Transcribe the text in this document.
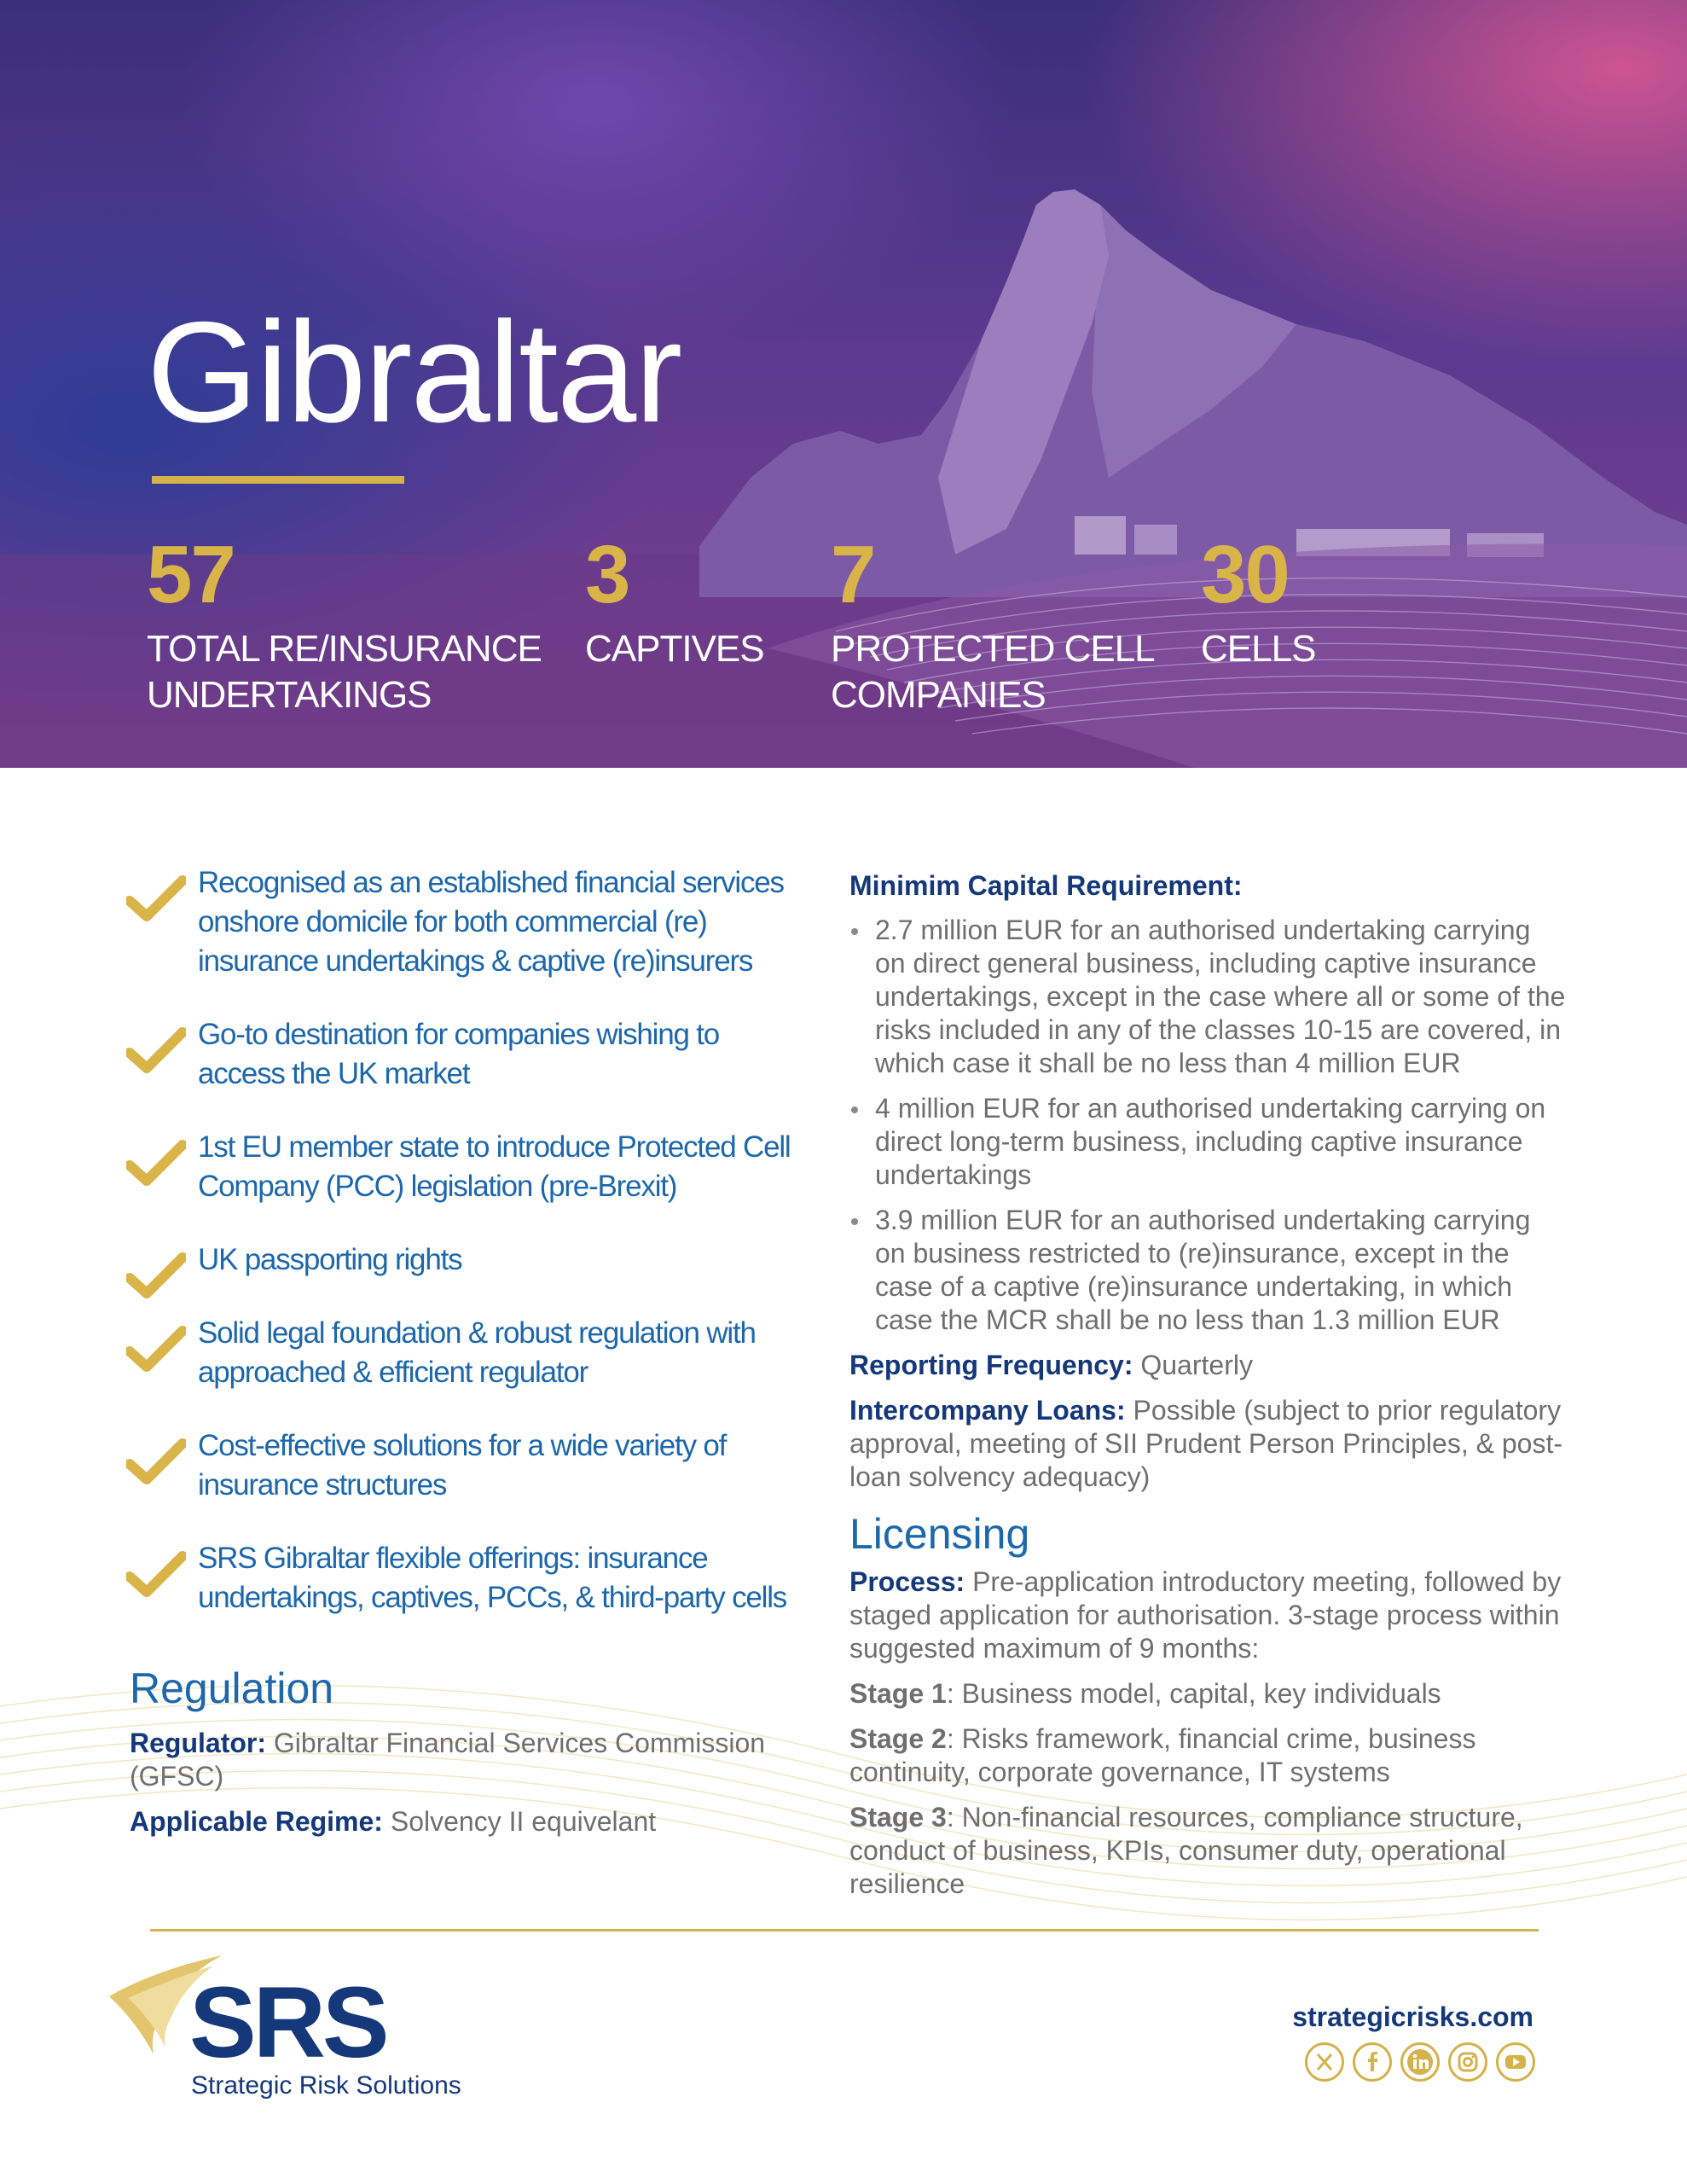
Gibraltar
57
TOTAL RE/INSURANCE
UNDERTAKINGS
3
CAPTIVES
7
PROTECTED CELL
COMPANIES
30
CELLS
Recognised as an established financial services onshore domicile for both commercial (re) insurance undertakings & captive (re)insurers
Go-to destination for companies wishing to access the UK market
1st EU member state to introduce Protected Cell Company (PCC) legislation (pre-Brexit)
UK passporting rights
Solid legal foundation & robust regulation with approached & efficient regulator
Cost-effective solutions for a wide variety of insurance structures
SRS Gibraltar flexible offerings: insurance undertakings, captives, PCCs, & third-party cells
Regulation

Regulator: Gibraltar Financial Services Commission (GFSC)

Applicable Regime: Solvency II equivelant

Minimim Capital Requirement:

2.7 million EUR for an authorised undertaking carrying on direct general business, including captive insurance undertakings, except in the case where all or some of the risks included in any of the classes 10-15 are covered, in which case it shall be no less than 4 million EUR
4 million EUR for an authorised undertaking carrying on direct long-term business, including captive insurance undertakings
3.9 million EUR for an authorised undertaking carrying on business restricted to (re)insurance, except in the case of a captive (re)insurance undertaking, in which case the MCR shall be no less than 1.3 million EUR

Reporting Frequency: Quarterly

Intercompany Loans: Possible (subject to prior regulatory approval, meeting of SII Prudent Person Principles, & post-loan solvency adequacy)

Licensing

Process: Pre-application introductory meeting, followed by staged application for authorisation. 3-stage process within suggested maximum of 9 months:

Stage 1: Business model, capital, key individuals

Stage 2: Risks framework, financial crime, business continuity, corporate governance, IT systems

Stage 3: Non-financial resources, compliance structure, conduct of business, KPIs, consumer duty, operational resilience

SRS
Strategic Risk Solutions
strategicrisks.com
